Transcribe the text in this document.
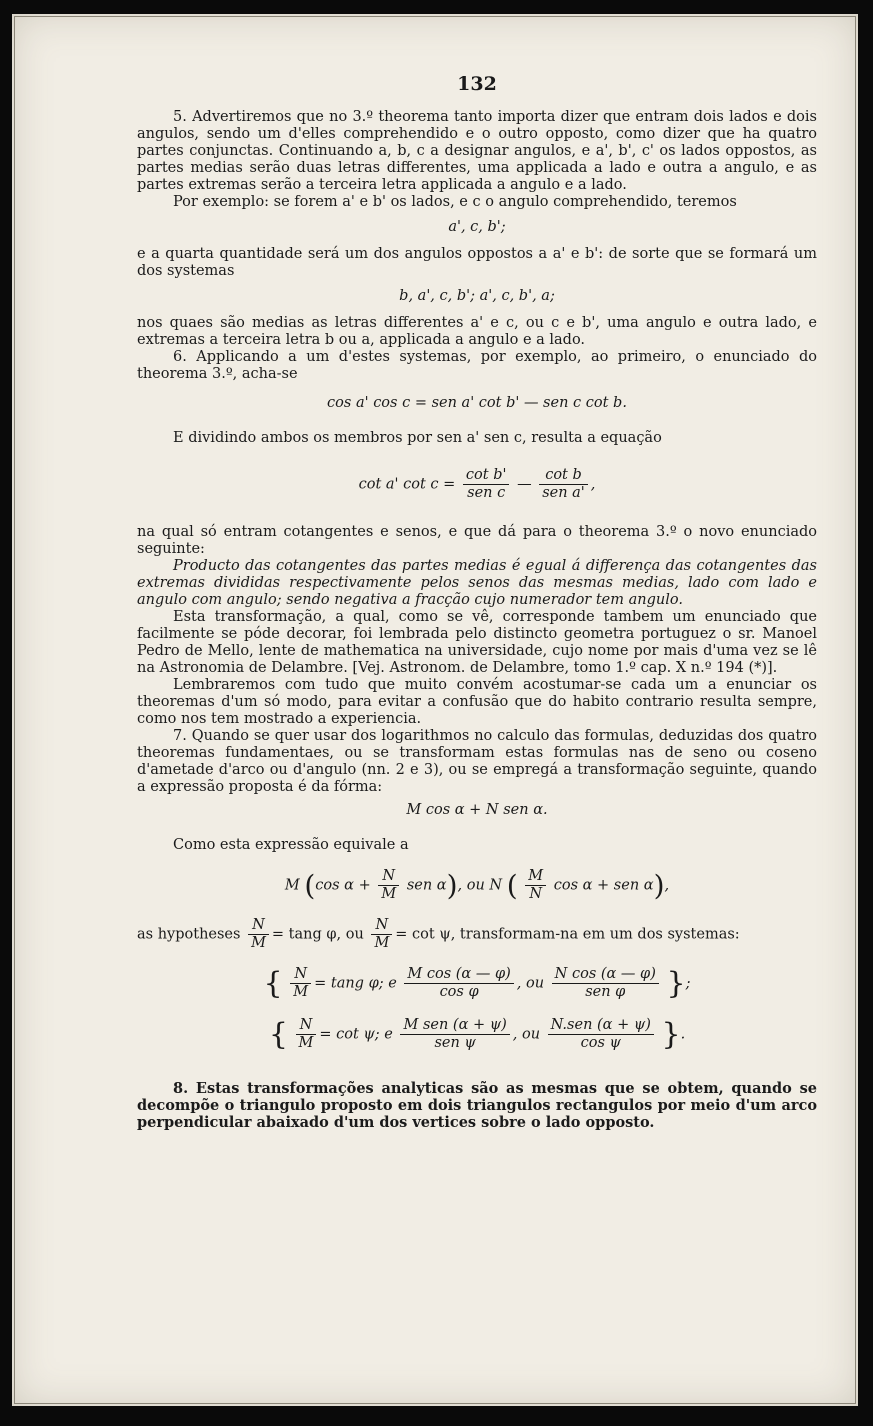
132

5. Advertiremos que no 3.º theorema tanto importa dizer que entram dois lados e dois angulos, sendo um d'elles comprehendido e o outro opposto, como dizer que ha quatro partes conjunctas. Continuando a, b, c a designar angulos, e a', b', c' os lados oppostos, as partes medias serão duas letras differentes, uma applicada a lado e outra a angulo, e as partes extremas serão a terceira letra applicada a angulo e a lado.

Por exemplo: se forem a' e b' os lados, e c o angulo comprehendido, teremos

a', c, b';

e a quarta quantidade será um dos angulos oppostos a a' e b': de sorte que se formará um dos systemas

b, a', c, b'; a', c, b', a;

nos quaes são medias as letras differentes a' e c, ou c e b', uma angulo e outra lado, e extremas a terceira letra b ou a, applicada a angulo e a lado.

6. Applicando a um d'estes systemas, por exemplo, ao primeiro, o enunciado do theorema 3.º, acha-se

cos a' cos c = sen a' cot b' — sen c cot b.

E dividindo ambos os membros por sen a' sen c, resulta a equação

cot a' $\cot c = \frac{\text{cot b'}}{\text{sen c}}$ — $\frac{\text{cot b}}{\text{sen a'}}$ ,

na qual só entram cotangentes e senos, e que dá para o theorema 3.º o novo enunciado seguinte:

Producto das cotangentes das partes medias é egual á differença das cotangentes das extremas divididas respectivamente pelos senos das mesmas medias, lado com lado e angulo com angulo; sendo negativa a fracção cujo numerador tem angulo.

Esta transformação, a qual, como se vê, corresponde tambem um enunciado que facilmente se póde decorar, foi lembrada pelo distincto geometra portuguez o sr. Manoel Pedro de Mello, lente de mathematica na universidade, cujo nome por mais d'uma vez se lê na Astronomia de Delambre. [Vej. Astronom. de Delambre, tomo 1.º cap. X n.º 194 (*)].

Lembraremos com tudo que muito convém acostumar-se cada um a enunciar os theoremas d'um só modo, para evitar a confusão que do habito contrario resulta sempre, como nos tem mostrado a experiencia.

7. Quando se quer usar dos logarithmos no calculo das formulas, deduzidas dos quatro theoremas fundamentaes, ou se transformam estas formulas nas de seno ou coseno d'ametade d'arco ou d'angulo (nn. 2 e 3), ou se empregá a transformação seguinte, quando a expressão proposta é da fórma:

M cos α + N sen α.

Como esta expressão equivale a

M (cos $\alpha + \frac{N}{M}$ sen α), ou N ( $\frac{M}{N}$ cos α + sen α),

as hypotheses $\frac{N}{M} = \tan g$ φ, ou $\frac{N}{M} = \cot \psi$, transformam-na em um dos systemas:

{ $\frac{N}{M} = \tan g$ φ; e $\frac{\text{M cos (α — φ)}}{\text{cos φ}}$ , ou $\frac{\text{N cos (α — φ)}}{\text{sen φ}}$ };
{ $\frac{N}{M} = \cot \psi$; e $\frac{\text{M sen (α + ψ)}}{\text{sen ψ}}$ , ou $\frac{\text{N.sen (α + ψ)}}{\text{cos ψ}}$ }.

8. Estas transformações analyticas são as mesmas que se obtem, quando se decompõe o triangulo proposto em dois triangulos rectangulos por meio d'um arco perpendicular abaixado d'um dos vertices sobre o lado opposto.
